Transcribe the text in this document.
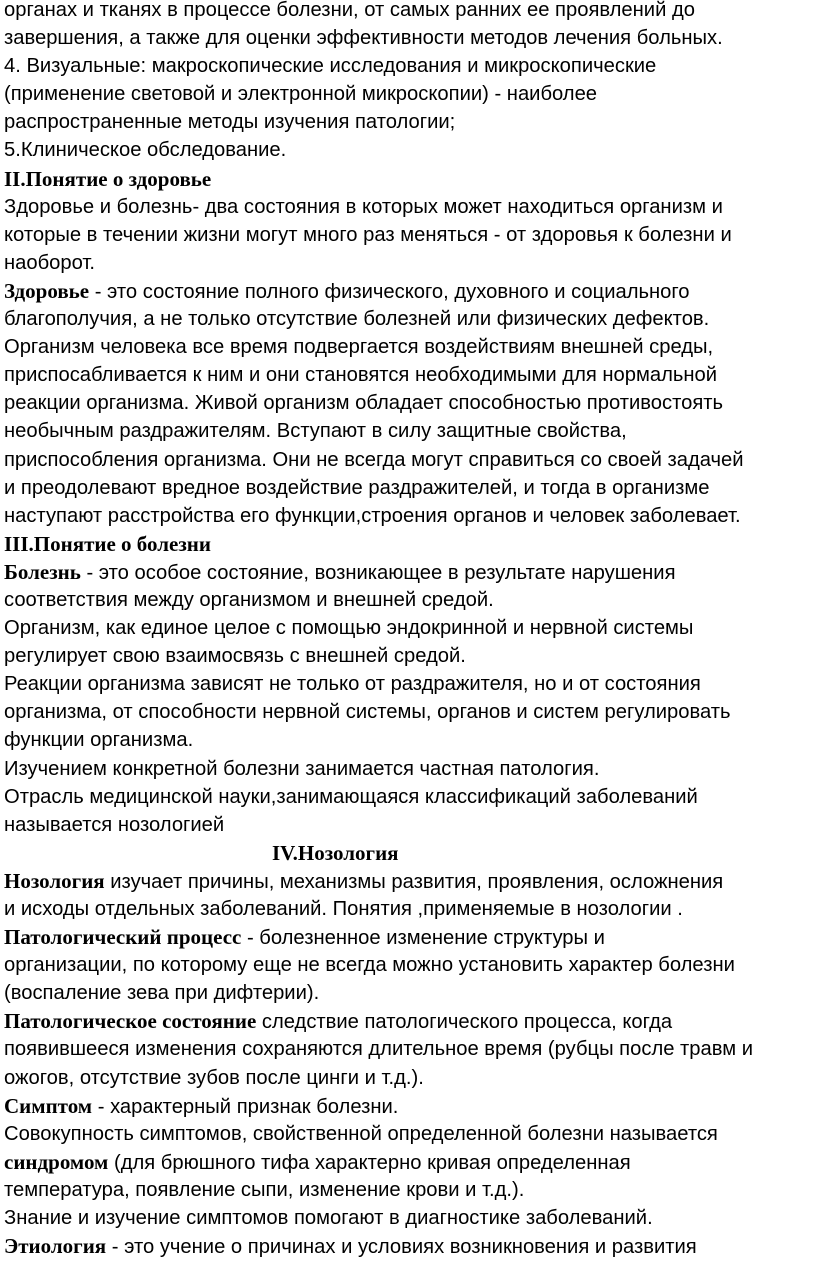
органах и тканях в процессе болезни, от самых ранних ее проявлений до

завершения, а также для оценки эффективности методов лечения больных.

4. Визуальные: макроскопические исследования и микроскопические

(применение световой и электронной микроскопии) - наиболее

распространенные методы изучения патологии;

5.Клиническое обследование.

II.Понятие о здоровье

Здоровье и болезнь- два состояния в которых может находиться организм и

которые в течении жизни могут много раз меняться - от здоровья к болезни и

наоборот.

Здоровье - это состояние полного физического, духовного и социального

благополучия, а не только отсутствие болезней или физических дефектов.

Организм человека все время подвергается воздействиям внешней среды,

приспосабливается к ним и они становятся необходимыми для нормальной

реакции организма. Живой организм обладает способностью противостоять

необычным раздражителям. Вступают в силу защитные свойства,

приспособления организма. Они не всегда могут справиться со своей задачей

и преодолевают вредное воздействие раздражителей, и тогда в организме

наступают расстройства его функции,строения органов и человек заболевает.

III.Понятие о болезни

Болезнь - это особое состояние, возникающее в результате нарушения

соответствия между организмом и внешней средой.

Организм, как единое целое с помощью эндокринной и нервной системы

регулирует свою взаимосвязь с внешней средой.

Реакции организма зависят не только от раздражителя, но и от состояния

организма, от способности нервной системы, органов и систем регулировать

функции организма.

Изучением конкретной болезни занимается частная патология.

Отрасль медицинской науки,занимающаяся классификаций заболеваний

называется нозологией

IV.Нозология

Нозология изучает причины, механизмы развития, проявления, осложнения

и исходы отдельных заболеваний. Понятия ,применяемые в нозологии .

Патологический процесс - болезненное изменение структуры и

организации, по которому еще не всегда можно установить характер болезни

(воспаление зева при дифтерии).

Патологическое состояние следствие патологического процесса, когда

появившееся изменения сохраняются длительное время (рубцы после травм и

ожогов, отсутствие зубов после цинги и т.д.).

Симптом - характерный признак болезни.

Совокупность симптомов, свойственной определенной болезни называется

синдромом (для брюшного тифа характерно кривая определенная

температура, появление сыпи, изменение крови и т.д.).

Знание и изучение симптомов помогают в диагностике заболеваний.

Этиология - это учение о причинах и условиях возникновения и развития
